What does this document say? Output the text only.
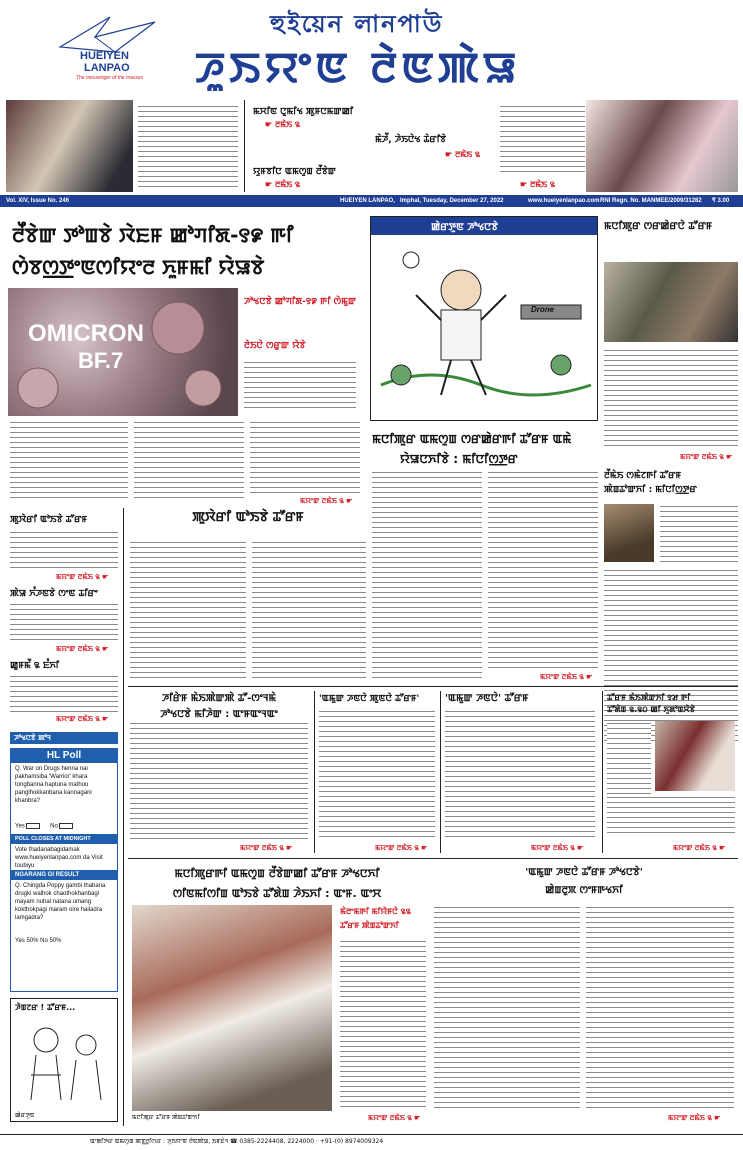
HUEIYEN
LANPAO
The messenger of the masses
হুইয়েন লানপাউ
ꯍꯨꯏꯌꯦꯟ ꯂꯥꯟꯄꯥꯎ
ꯃꯆꯤꯟ ꯅꯨꯃꯤꯠ ꯄꯨꯝꯅꯃꯛꯀꯤ
☛ ꯂꯃꯥꯏ ꯲
ꯃꯥꯍꯩ, ꯍꯥꯏꯅꯥꯠ ꯊꯥꯔꯤꯕꯥ
☛ ꯂꯃꯥꯏ ꯲
ꯌꯨꯝꯕꯤꯅ ꯑꯃꯁꯨꯡ ꯂꯩꯕꯥꯛ
☛ ꯂꯃꯥꯏ ꯲	☛ ꯂꯃꯥꯏ ꯲
Vol. XIV, Issue No. 246	HUEIYEN LANPAO, Imphal, Tuesday, December 27, 2022	www.hueiyenlanpao.com RNI Regn. No. MANMEE/2009/31282 ₹ 3.00
ꯂꯩꯕꯥꯛ ꯇꯣꯡꯕꯥ ꯋꯥꯐꯝ ꯀꯣꯚꯤꯗ-꯱꯹ ꯒꯤ
ꯁꯥꯕꯁ꯭ꯇꯦꯟꯁꯤꯌꯦꯂ ꯈꯨꯝꯃꯤ ꯌꯥꯎꯕꯥ
OMICRON
BF.7
ꯍꯣꯠꯅꯕꯥ ꯀꯣꯚꯤꯗ-꯱꯹ ꯒꯤ ꯁꯥꯃꯨꯛ
ꯂꯥꯏꯅꯥ ꯁꯔꯨꯛ ꯌꯥꯕꯥ
ꯃꯌꯦꯛ ꯂꯃꯥꯏ ꯲ ☛
ꯀꯥꯔꯇꯨꯟ ꯍꯣꯠꯅꯕꯥ
Drone
ꯃꯅꯤꯄꯨꯔ ꯁꯔꯀꯥꯔꯅꯥ ꯊꯧꯔꯝ
ꯃꯌꯦꯛ ꯂꯃꯥꯏ ꯲ ☛
ꯃꯅꯤꯄꯨꯔ ꯑꯃꯁꯨꯡ ꯁꯔꯀꯥꯔꯒꯤ ꯊꯧꯔꯝ ꯑꯃꯥ
ꯌꯥꯎꯅꯈꯤꯕꯥ : ꯃꯤꯅꯤꯁ꯭ꯇꯔ
ꯃꯌꯦꯛ ꯂꯃꯥꯏ ꯲ ☛
ꯂꯩꯃꯥꯏ ꯁꯃꯥꯖꯒꯤ ꯊꯧꯔꯝ
ꯄꯥꯡꯊꯣꯛꯈꯤ : ꯃꯤꯅꯤꯁ꯭ꯇꯔ
ꯄꯨꯋꯥꯔꯤ ꯑꯣꯏꯕꯥ ꯊꯧꯔꯝ
ꯃꯌꯦꯛ ꯂꯃꯥꯏ ꯲ ☛
ꯄꯥꯎ ꯈꯪꯍꯟꯕꯥ ꯁꯦꯟ ꯊꯤꯔꯦ
ꯃꯌꯦꯛ ꯂꯃꯥꯏ ꯲ ☛
ꯀꯨꯝꯃꯩ ꯲ ꯐꯪꯈꯤ
ꯃꯌꯦꯛ ꯂꯃꯥꯏ ꯲ ☛
ꯍꯣꯠꯅꯕꯥ ꯄꯣꯜ
HL Poll
Q. War on Drugs henna nai pakhamsiba 'Warrior' khara tongbanna haptuna mathou panglhokkanbana kannagani khanbra?
Yes	No
POLL CLOSES AT MIDNIGHT
Vote thadanabagidamak www.hueiyenlanpao.com da Visit toubiyu
NGARANG GI RESULT
Q. Chingda Poppy gambi thabana drugki walhok chaothokhanbagi mayam nuhal natana umang kokthokpagi maram oire hailadra lamgadra?
Yes 50% No 50%
ꯍꯥꯡꯖꯔ ! ꯊꯧꯔꯝ...
ꯀꯥꯔꯇꯨꯟ
ꯄꯨꯋꯥꯔꯤ ꯑꯣꯏꯕꯥ ꯊꯧꯔꯝ
ꯍꯤꯔꯥꯝ ꯃꯥꯏꯄꯥꯛꯄꯥ ꯊꯧ-ꯁꯦꯜꯃꯥ
ꯍꯣꯠꯅꯕꯥ ꯃꯤꯍꯥꯛ : ꯑꯦꯝꯑꯦꯜꯑꯦ
ꯃꯌꯦꯛ ꯂꯃꯥꯏ ꯲ ☛
'ꯑꯃꯨꯛ ꯍꯟꯅꯥ ꯄꯨꯟꯅꯥ ꯊꯧꯔꯝ'
ꯃꯌꯦꯛ ꯂꯃꯥꯏ ꯲ ☛
'ꯑꯃꯨꯛ ꯍꯟꯅꯥ' ꯊꯧꯔꯝ
ꯃꯌꯦꯛ ꯂꯃꯥꯏ ꯲ ☛
ꯊꯧꯔꯝ ꯃꯥꯏꯄꯥꯛꯈꯤ ꯱꯷ ꯒꯤ
ꯊꯧꯗꯥꯡ ꯲.꯲꯰ ꯀꯤ ꯈꯨꯗꯣꯡꯆꯥꯕꯥ
ꯃꯌꯦꯛ ꯂꯃꯥꯏ ꯲ ☛
ꯃꯅꯤꯄꯨꯔꯒꯤ ꯑꯃꯁꯨꯡ ꯂꯩꯕꯥꯛꯀꯤ ꯊꯧꯔꯝ ꯍꯣꯠꯅꯈꯤ
ꯁꯤꯟꯃꯤꯁꯤꯡ ꯑꯣꯏꯕꯥ ꯊꯧꯗꯥꯡ ꯍꯥꯏꯈꯤ : ꯑꯦꯝ. ꯑꯦꯆ
ꯃꯅꯤꯄꯨꯔ ꯊꯧꯔꯝ ꯄꯥꯡꯊꯣꯛꯈꯤ
ꯃꯥꯂꯦꯃꯒꯤ ꯃꯤꯌꯥꯝꯅꯥ ꯲꯲
ꯊꯧꯔꯝ ꯄꯥꯡꯊꯣꯛꯈꯤ
ꯃꯌꯦꯛ ꯂꯃꯥꯏ ꯲ ☛
'ꯑꯃꯨꯛ ꯍꯟꯅꯥ ꯊꯧꯔꯝ ꯍꯣꯠꯅꯕꯥ'
ꯀꯥꯡꯂꯨꯞ ꯁꯦꯝꯒꯠꯈꯤ
ꯃꯌꯦꯛ ꯂꯃꯥꯏ ꯲ ☛
ꯑꯦꯗꯤꯇꯔ ꯑꯃꯁꯨꯡ ꯄꯕ꯭ꯂꯤꯁꯔ : ꯍꯨꯏꯌꯦꯟ ꯂꯥꯟꯄꯥꯎ, ꯏꯝꯐꯥꯜ ☎ 0385-2224408, 2224000 · +91-(0) 8974009324
